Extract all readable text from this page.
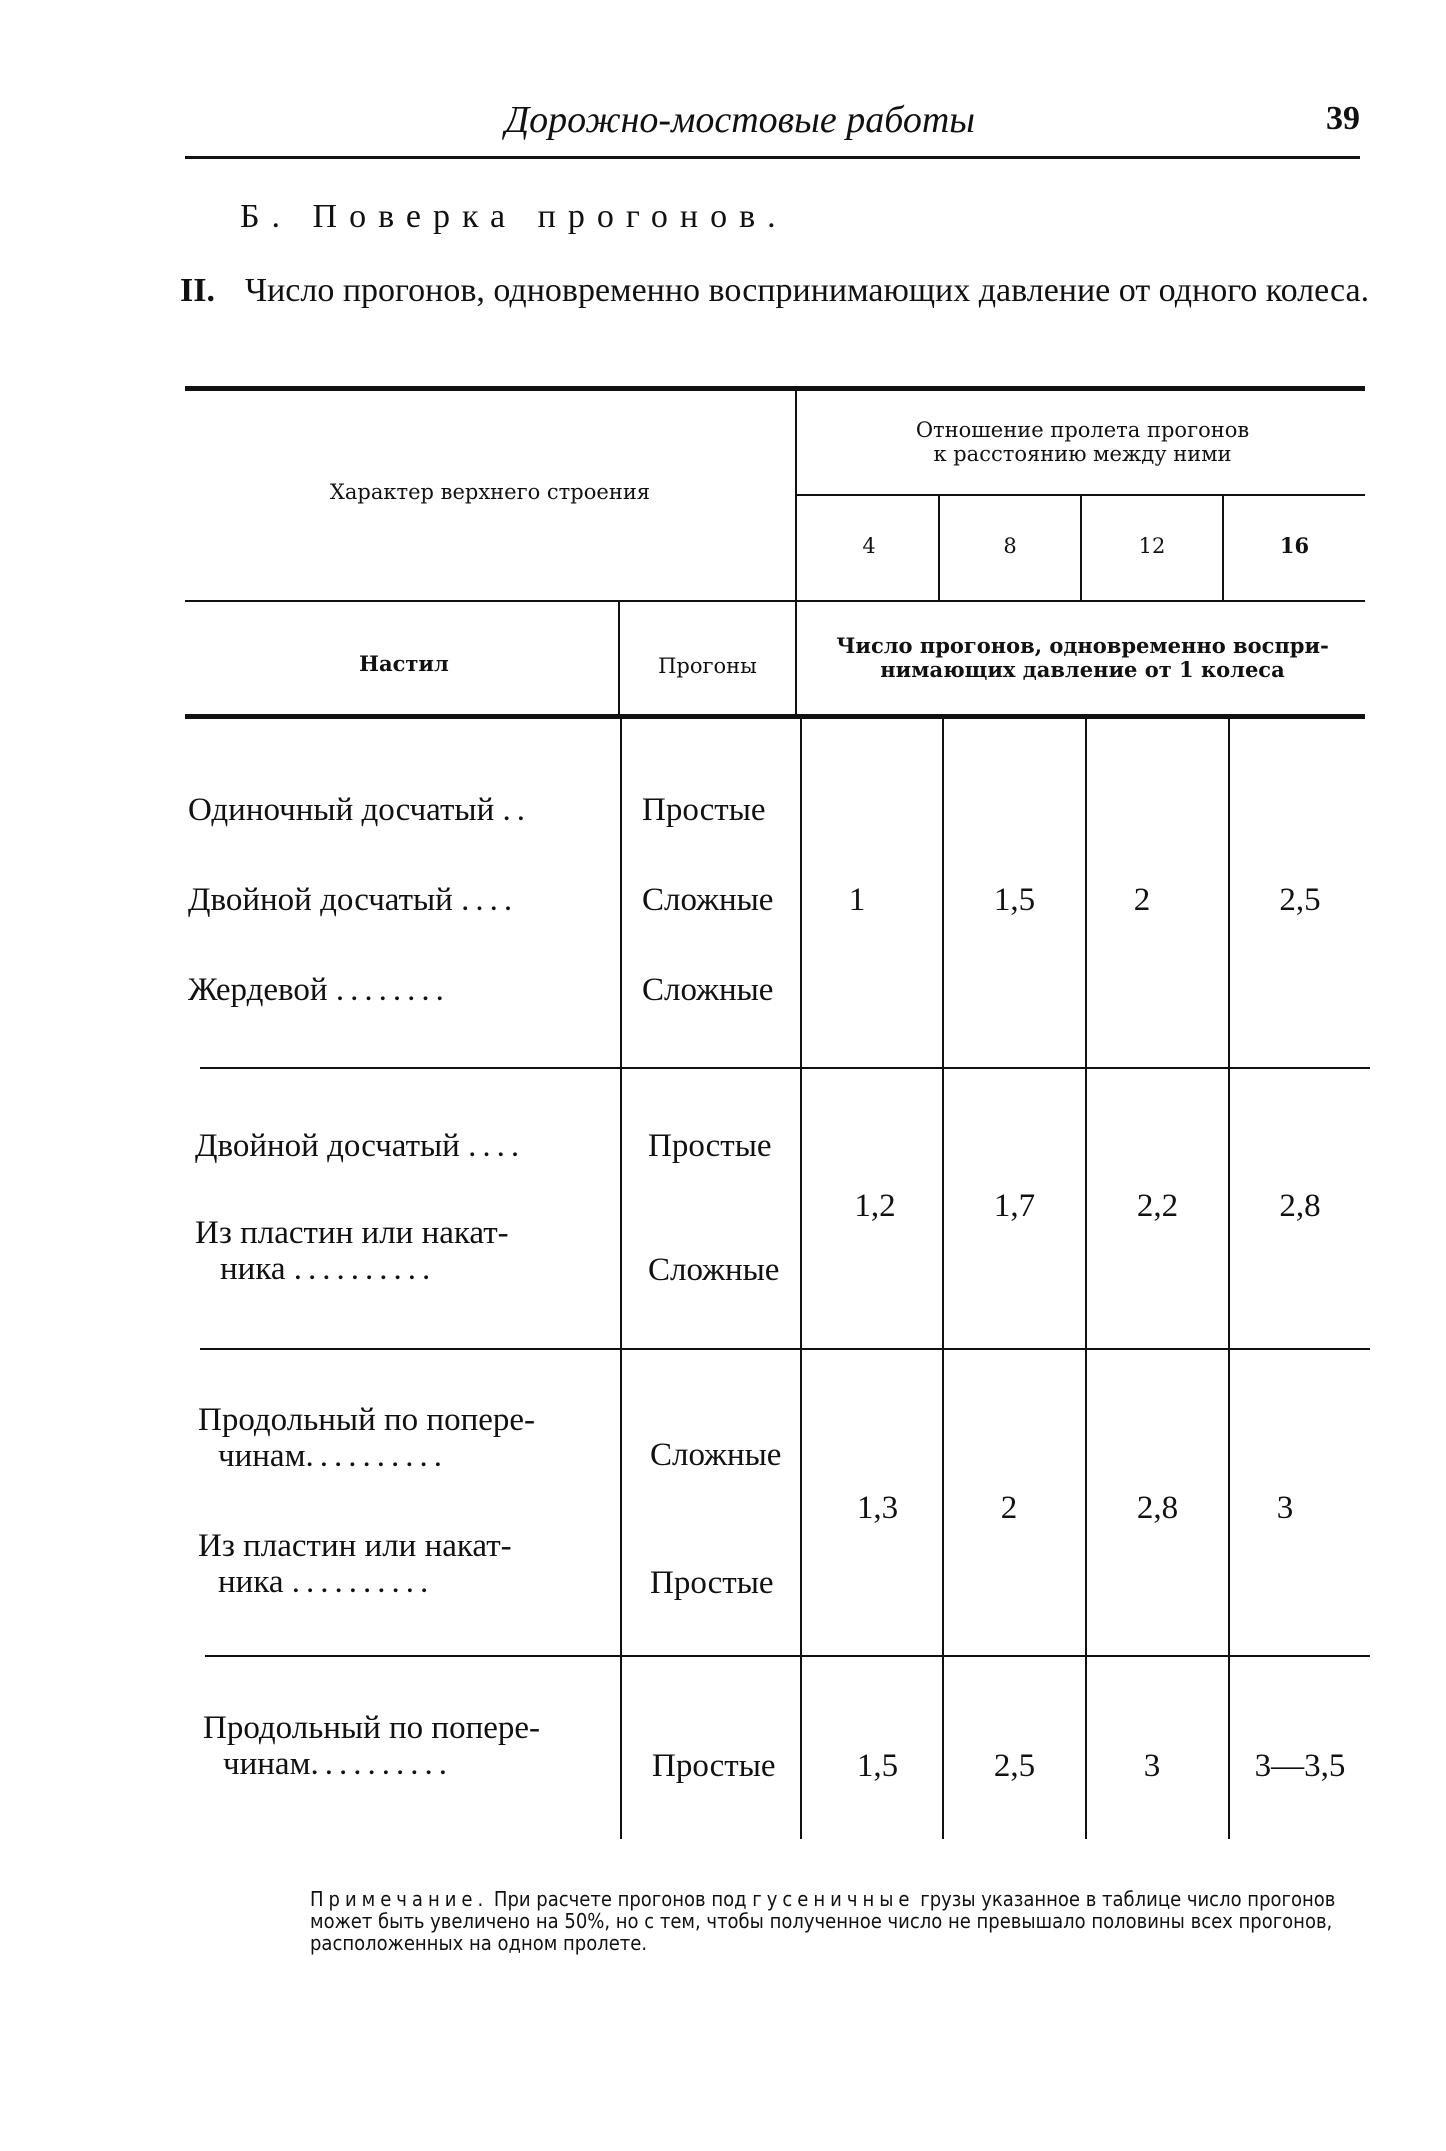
Дорожно-мостовые работы	39
Б. Поверка прогонов.
II. Число прогонов, одновременно воспринимающих давление от одного колеса.
Характер верхнего строения
Отношение пролета прогонов
к расстоянию между ними
4	8	12	16
Настил	Прогоны
Число прогонов, одновременно воспри-
нимающих давление от 1 колеса
Одиночный досчатый ..	Простые
Двойной досчатый ....	Сложные
Жердевой ........	Сложные
1	1,5	2	2,5
Двойной досчатый ....	Простые
Из пластин или накат-
ника ..........	Сложные
1,2	1,7	2,2	2,8
Продольный по попере-
чинам..........	Сложные
Из пластин или накат-
ника ..........	Простые
1,3	2	2,8	3
Продольный по попере-
чинам..........	Простые	1,5	2,5	3	3—3,5
Примечание. При расчете прогонов под гусеничные грузы указанное в таблице число прогонов может быть увеличено на 50%, но с тем, чтобы полученное число не превышало половины всех прогонов, расположенных на одном пролете.
